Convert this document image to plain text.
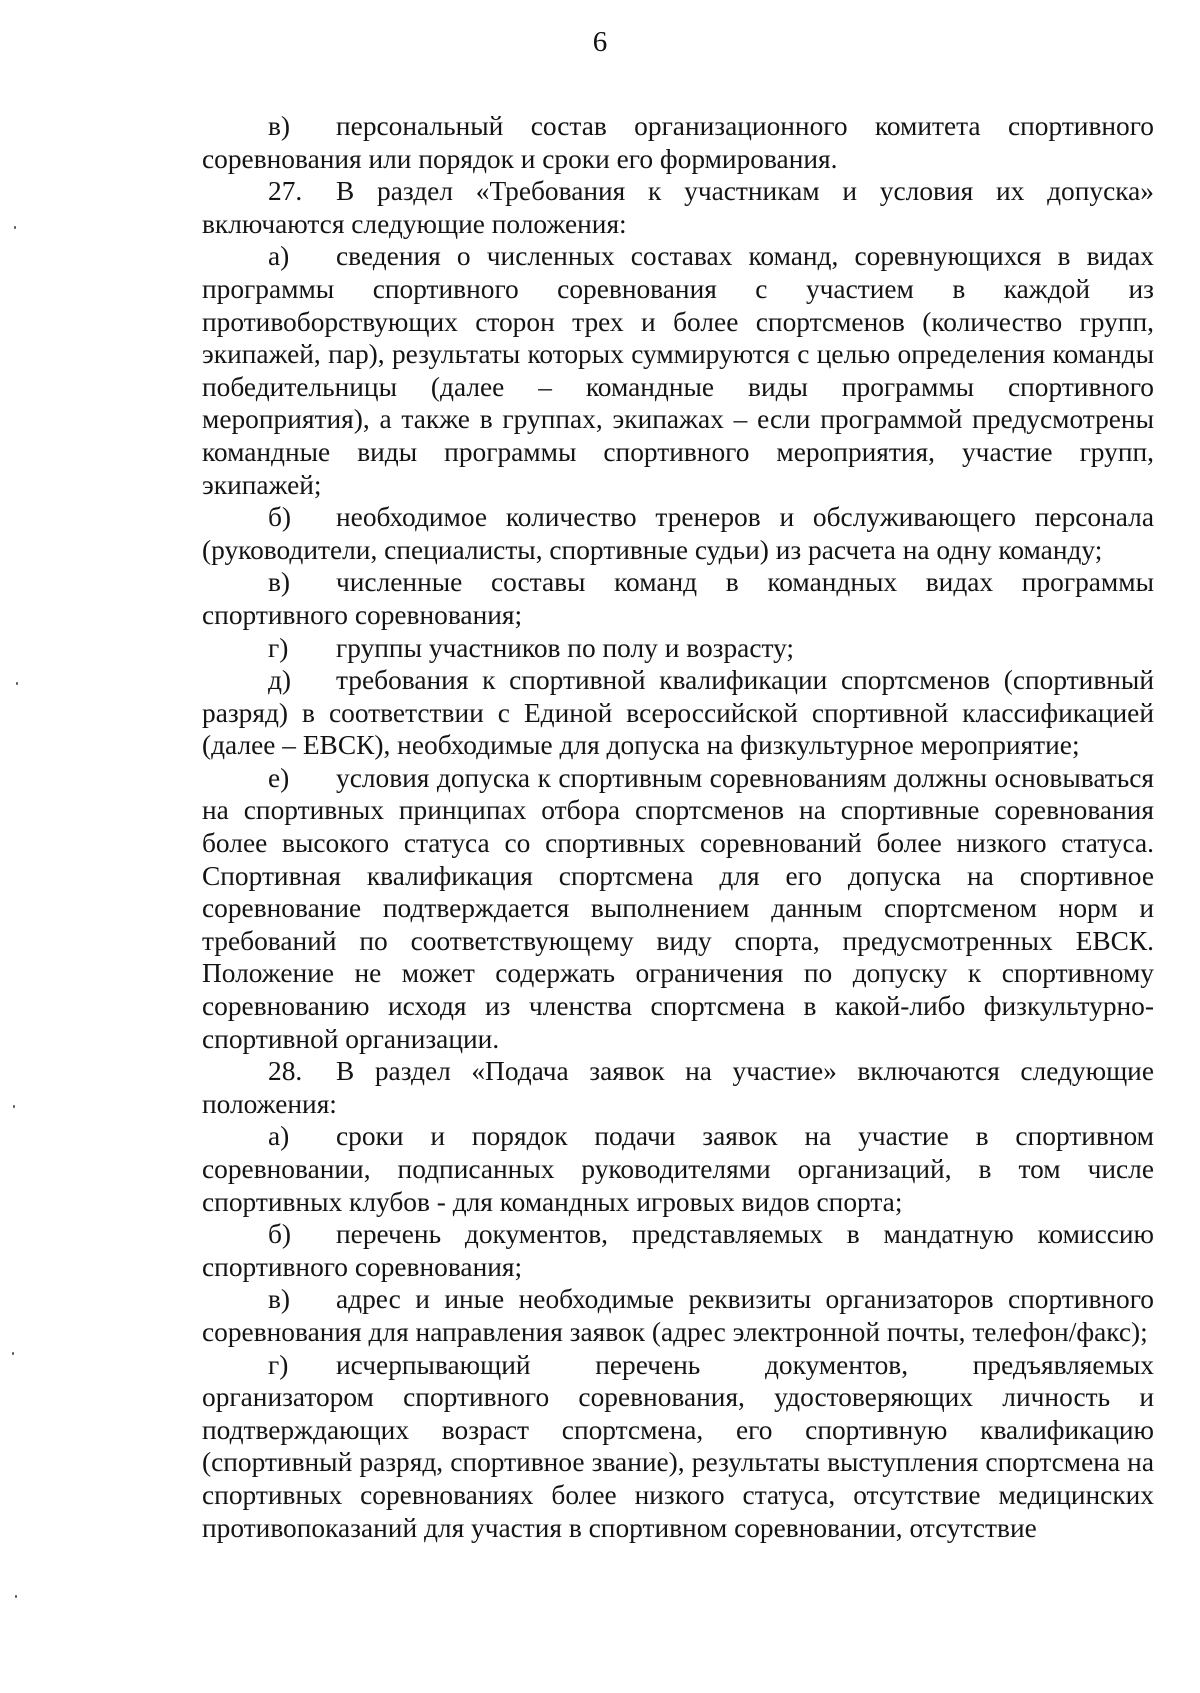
6

в) персональный состав организационного комитета спортивного соревнования или порядок и сроки его формирования.

27. В раздел «Требования к участникам и условия их допуска» включаются следующие положения:

а) сведения о численных составах команд, соревнующихся в видах программы спортивного соревнования с участием в каждой из противоборствующих сторон трех и более спортсменов (количество групп, экипажей, пар), результаты которых суммируются с целью определения команды победительницы (далее – командные виды программы спортивного мероприятия), а также в группах, экипажах – если программой предусмотрены командные виды программы спортивного мероприятия, участие групп, экипажей;

б) необходимое количество тренеров и обслуживающего персонала (руководители, специалисты, спортивные судьи) из расчета на одну команду;

в) численные составы команд в командных видах программы спортивного соревнования;

г) группы участников по полу и возрасту;

д) требования к спортивной квалификации спортсменов (спортивный разряд) в соответствии с Единой всероссийской спортивной классификацией (далее – ЕВСК), необходимые для допуска на физкультурное мероприятие;

е) условия допуска к спортивным соревнованиям должны основываться на спортивных принципах отбора спортсменов на спортивные соревнования более высокого статуса со спортивных соревнований более низкого статуса. Спортивная квалификация спортсмена для его допуска на спортивное соревнование подтверждается выполнением данным спортсменом норм и требований по соответствующему виду спорта, предусмотренных ЕВСК. Положение не может содержать ограничения по допуску к спортивному соревнованию исходя из членства спортсмена в какой-либо физкультурно-спортивной организации.

28. В раздел «Подача заявок на участие» включаются следующие положения:

а) сроки и порядок подачи заявок на участие в спортивном соревновании, подписанных руководителями организаций, в том числе спортивных клубов - для командных игровых видов спорта;

б) перечень документов, представляемых в мандатную комиссию спортивного соревнования;

в) адрес и иные необходимые реквизиты организаторов спортивного соревнования для направления заявок (адрес электронной почты, телефон/факс);

г) исчерпывающий перечень документов, предъявляемых организатором спортивного соревнования, удостоверяющих личность и подтверждающих возраст спортсмена, его спортивную квалификацию (спортивный разряд, спортивное звание), результаты выступления спортсмена на спортивных соревнованиях более низкого статуса, отсутствие медицинских противопоказаний для участия в спортивном соревновании, отсутствие
